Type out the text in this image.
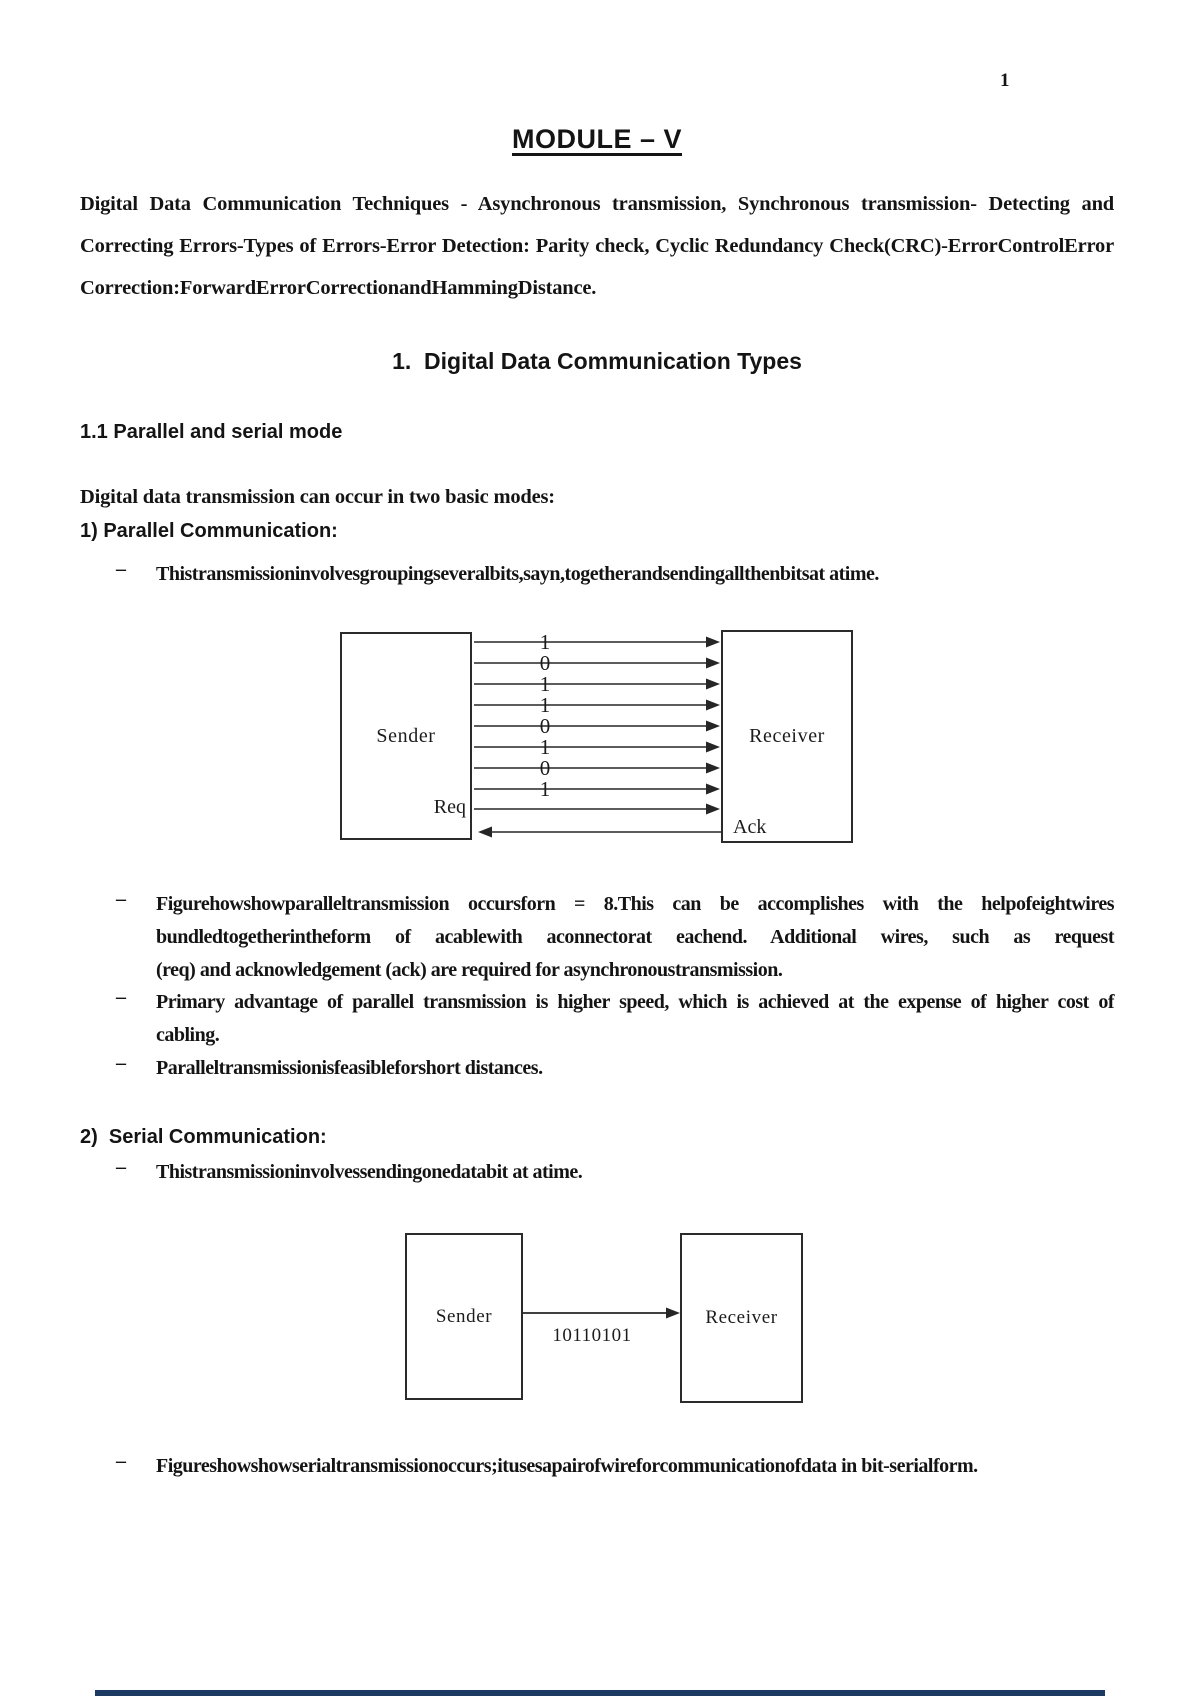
1
MODULE – V
Digital Data Communication Techniques - Asynchronous transmission, Synchronous transmission- Detecting and
Correcting Errors-Types of Errors-Error Detection: Parity check, Cyclic Redundancy Check(CRC)-ErrorControlError
Correction:ForwardErrorCorrectionandHammingDistance.
1.  Digital Data Communication Types
1.1 Parallel and serial mode
Digital data transmission can occur in two basic modes:
1) Parallel Communication:
–	Thistransmissioninvolvesgroupingseveralbits,sayn,togetherandsendingallthenbitsat atime.
Sender	Receiver
1
0
1
1
0
1
0
1
Req
Ack
–	Figurehowshowparalleltransmission occursforn = 8.This can be accomplishes with the helpofeightwires
bundledtogetherintheform of acablewith aconnectorat eachend. Additional wires, such as request
(req) and acknowledgement (ack) are required for asynchronoustransmission.
–	Primary advantage of parallel transmission is higher speed, which is achieved at the expense of higher cost of
cabling.
–	Paralleltransmissionisfeasibleforshort distances.
2)  Serial Communication:
–	Thistransmissioninvolvessendingonedatabit at atime.
Sender	Receiver
10110101
–	Figureshowshowserialtransmissionoccurs;itusesapairofwireforcommunicationofdata in bit-serialform.
